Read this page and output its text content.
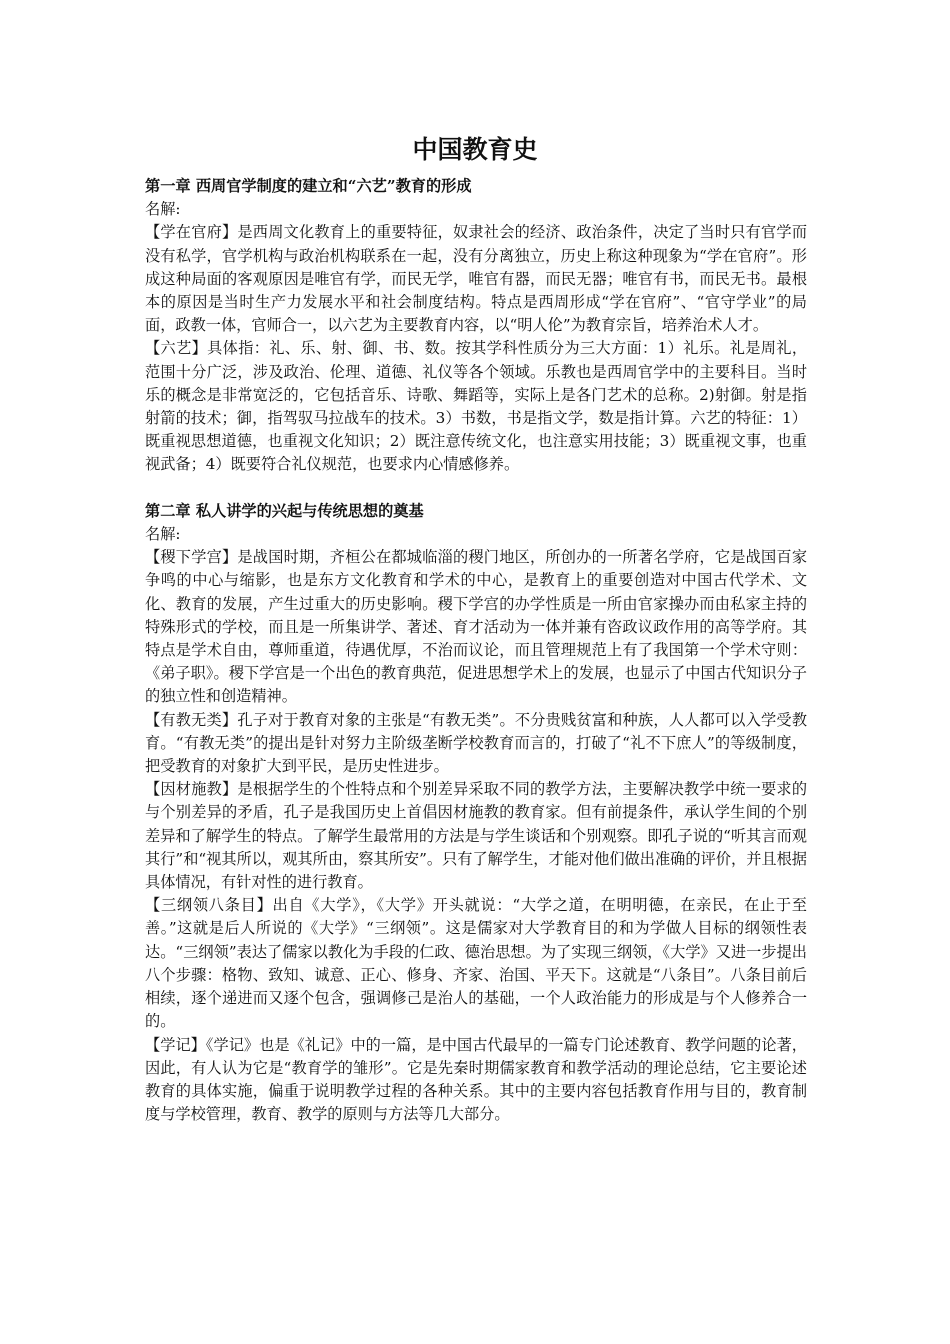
中国教育史

第一章 西周官学制度的建立和“六艺”教育的形成

名解:

【学在官府】是西周文化教育上的重要特征，奴隶社会的经济、政治条件，决定了当时只有官学而没有私学，官学机构与政治机构联系在一起，没有分离独立，历史上称这种现象为“学在官府”。形成这种局面的客观原因是唯官有学，而民无学，唯官有器，而民无器；唯官有书，而民无书。最根本的原因是当时生产力发展水平和社会制度结构。特点是西周形成“学在官府”、“官守学业”的局面，政教一体，官师合一，以六艺为主要教育内容，以“明人伦”为教育宗旨，培养治术人才。

【六艺】具体指：礼、乐、射、御、书、数。按其学科性质分为三大方面：1）礼乐。礼是周礼，范围十分广泛，涉及政治、伦理、道德、礼仪等各个领域。乐教也是西周官学中的主要科目。当时乐的概念是非常宽泛的，它包括音乐、诗歌、舞蹈等，实际上是各门艺术的总称。2)射御。射是指射箭的技术；御，指驾驭马拉战车的技术。3）书数，书是指文学，数是指计算。六艺的特征：1）既重视思想道德，也重视文化知识；2）既注意传统文化，也注意实用技能；3）既重视文事，也重视武备；4）既要符合礼仪规范，也要求内心情感修养。

第二章 私人讲学的兴起与传统思想的奠基

名解:

【稷下学宫】是战国时期，齐桓公在都城临淄的稷门地区，所创办的一所著名学府，它是战国百家争鸣的中心与缩影，也是东方文化教育和学术的中心，是教育上的重要创造对中国古代学术、文化、教育的发展，产生过重大的历史影响。稷下学宫的办学性质是一所由官家操办而由私家主持的特殊形式的学校，而且是一所集讲学、著述、育才活动为一体并兼有咨政议政作用的高等学府。其特点是学术自由，尊师重道，待遇优厚，不治而议论，而且管理规范上有了我国第一个学术守则：《弟子职》。稷下学宫是一个出色的教育典范，促进思想学术上的发展，也显示了中国古代知识分子的独立性和创造精神。

【有教无类】孔子对于教育对象的主张是“有教无类”。不分贵贱贫富和种族，人人都可以入学受教育。“有教无类”的提出是针对努力主阶级垄断学校教育而言的，打破了“礼不下庶人”的等级制度，把受教育的对象扩大到平民，是历史性进步。

【因材施教】是根据学生的个性特点和个别差异采取不同的教学方法，主要解决教学中统一要求的与个别差异的矛盾，孔子是我国历史上首倡因材施教的教育家。但有前提条件，承认学生间的个别差异和了解学生的特点。了解学生最常用的方法是与学生谈话和个别观察。即孔子说的“听其言而观其行”和“视其所以，观其所由，察其所安”。只有了解学生，才能对他们做出准确的评价，并且根据具体情况，有针对性的进行教育。

【三纲领八条目】出自《大学》，《大学》开头就说：“大学之道，在明明德，在亲民，在止于至善。”这就是后人所说的《大学》“三纲领”。这是儒家对大学教育目的和为学做人目标的纲领性表达。“三纲领”表达了儒家以教化为手段的仁政、德治思想。为了实现三纲领，《大学》又进一步提出八个步骤：格物、致知、诚意、正心、修身、齐家、治国、平天下。这就是“八条目”。八条目前后相续，逐个递进而又逐个包含，强调修己是治人的基础，一个人政治能力的形成是与个人修养合一的。

【学记】《学记》也是《礼记》中的一篇，是中国古代最早的一篇专门论述教育、教学问题的论著，因此，有人认为它是“教育学的雏形”。它是先秦时期儒家教育和教学活动的理论总结，它主要论述教育的具体实施，偏重于说明教学过程的各种关系。其中的主要内容包括教育作用与目的，教育制度与学校管理，教育、教学的原则与方法等几大部分。
